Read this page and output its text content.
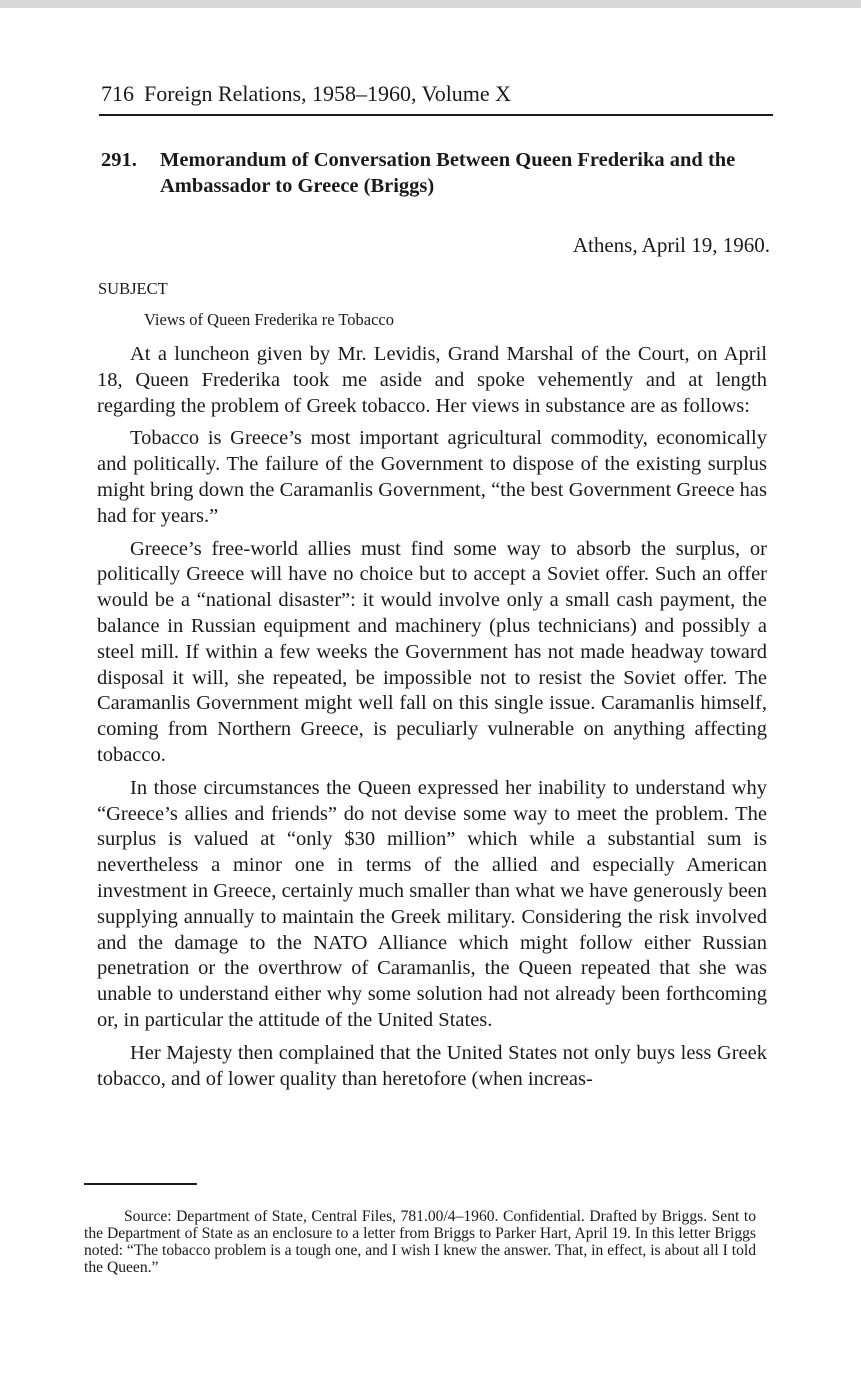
716 Foreign Relations, 1958–1960, Volume X
291. Memorandum of Conversation Between Queen Frederika and the Ambassador to Greece (Briggs)
Athens, April 19, 1960.
SUBJECT
Views of Queen Frederika re Tobacco

At a luncheon given by Mr. Levidis, Grand Marshal of the Court, on April 18, Queen Frederika took me aside and spoke vehemently and at length regarding the problem of Greek tobacco. Her views in substance are as follows:

Tobacco is Greece’s most important agricultural commodity, economically and politically. The failure of the Government to dispose of the existing surplus might bring down the Caramanlis Government, “the best Government Greece has had for years.”

Greece’s free-world allies must find some way to absorb the surplus, or politically Greece will have no choice but to accept a Soviet offer. Such an offer would be a “national disaster”: it would involve only a small cash payment, the balance in Russian equipment and machinery (plus technicians) and possibly a steel mill. If within a few weeks the Government has not made headway toward disposal it will, she repeated, be impossible not to resist the Soviet offer. The Caramanlis Government might well fall on this single issue. Caramanlis himself, coming from Northern Greece, is peculiarly vulnerable on anything affecting tobacco.

In those circumstances the Queen expressed her inability to understand why “Greece’s allies and friends” do not devise some way to meet the problem. The surplus is valued at “only $30 million” which while a substantial sum is nevertheless a minor one in terms of the allied and especially American investment in Greece, certainly much smaller than what we have generously been supplying annually to maintain the Greek military. Considering the risk involved and the damage to the NATO Alliance which might follow either Russian penetration or the overthrow of Caramanlis, the Queen repeated that she was unable to understand either why some solution had not already been forthcoming or, in particular the attitude of the United States.

Her Majesty then complained that the United States not only buys less Greek tobacco, and of lower quality than heretofore (when increas-

Source: Department of State, Central Files, 781.00/4–1960. Confidential. Drafted by Briggs. Sent to the Department of State as an enclosure to a letter from Briggs to Parker Hart, April 19. In this letter Briggs noted: “The tobacco problem is a tough one, and I wish I knew the answer. That, in effect, is about all I told the Queen.”
